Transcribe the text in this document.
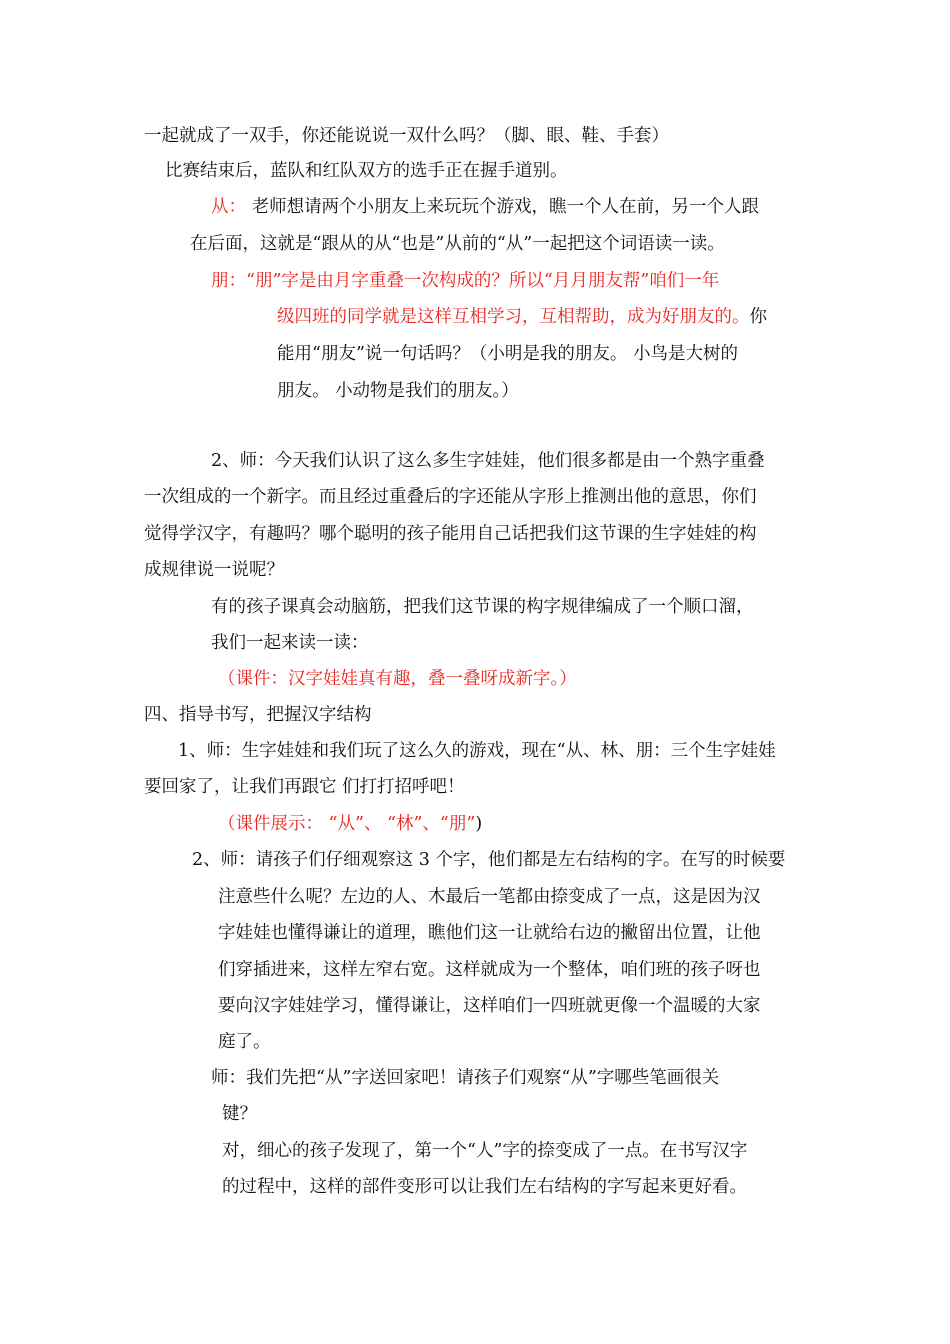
一起就成了一双手，你还能说说一双什么吗？（脚、眼、鞋、手套）
比赛结束后，蓝队和红队双方的选手正在握手道别。
从： 老师想请两个小朋友上来玩玩个游戏，瞧一个人在前，另一个人跟
在后面，这就是“跟从的从“也是”从前的“从”一起把这个词语读一读。
朋：“朋”字是由月字重叠一次构成的？所以“月月朋友帮”咱们一年
级四班的同学就是这样互相学习，互相帮助，成为好朋友的。你
能用“朋友”说一句话吗？（小明是我的朋友。 小鸟是大树的
朋友。 小动物是我们的朋友。）
2、师：今天我们认识了这么多生字娃娃，他们很多都是由一个熟字重叠
一次组成的一个新字。而且经过重叠后的字还能从字形上推测出他的意思，你们
觉得学汉字，有趣吗？哪个聪明的孩子能用自己话把我们这节课的生字娃娃的构
成规律说一说呢？
有的孩子课真会动脑筋，把我们这节课的构字规律编成了一个顺口溜，
我们一起来读一读：
（课件：汉字娃娃真有趣，叠一叠呀成新字。）
四、指导书写，把握汉字结构
1、师：生字娃娃和我们玩了这么久的游戏，现在“从、林、朋：三个生字娃娃
要回家了，让我们再跟它 们打打招呼吧！
（课件展示： “从”、 “林”、“朋”)
2、师：请孩子们仔细观察这 3 个字，他们都是左右结构的字。在写的时候要
注意些什么呢？左边的人、木最后一笔都由捺变成了一点，这是因为汉
字娃娃也懂得谦让的道理，瞧他们这一让就给右边的撇留出位置，让他
们穿插进来，这样左窄右宽。这样就成为一个整体，咱们班的孩子呀也
要向汉字娃娃学习，懂得谦让，这样咱们一四班就更像一个温暖的大家
庭了。
师：我们先把“从”字送回家吧！请孩子们观察“从”字哪些笔画很关
键？
对，细心的孩子发现了，第一个“人”字的捺变成了一点。在书写汉字
的过程中，这样的部件变形可以让我们左右结构的字写起来更好看。
